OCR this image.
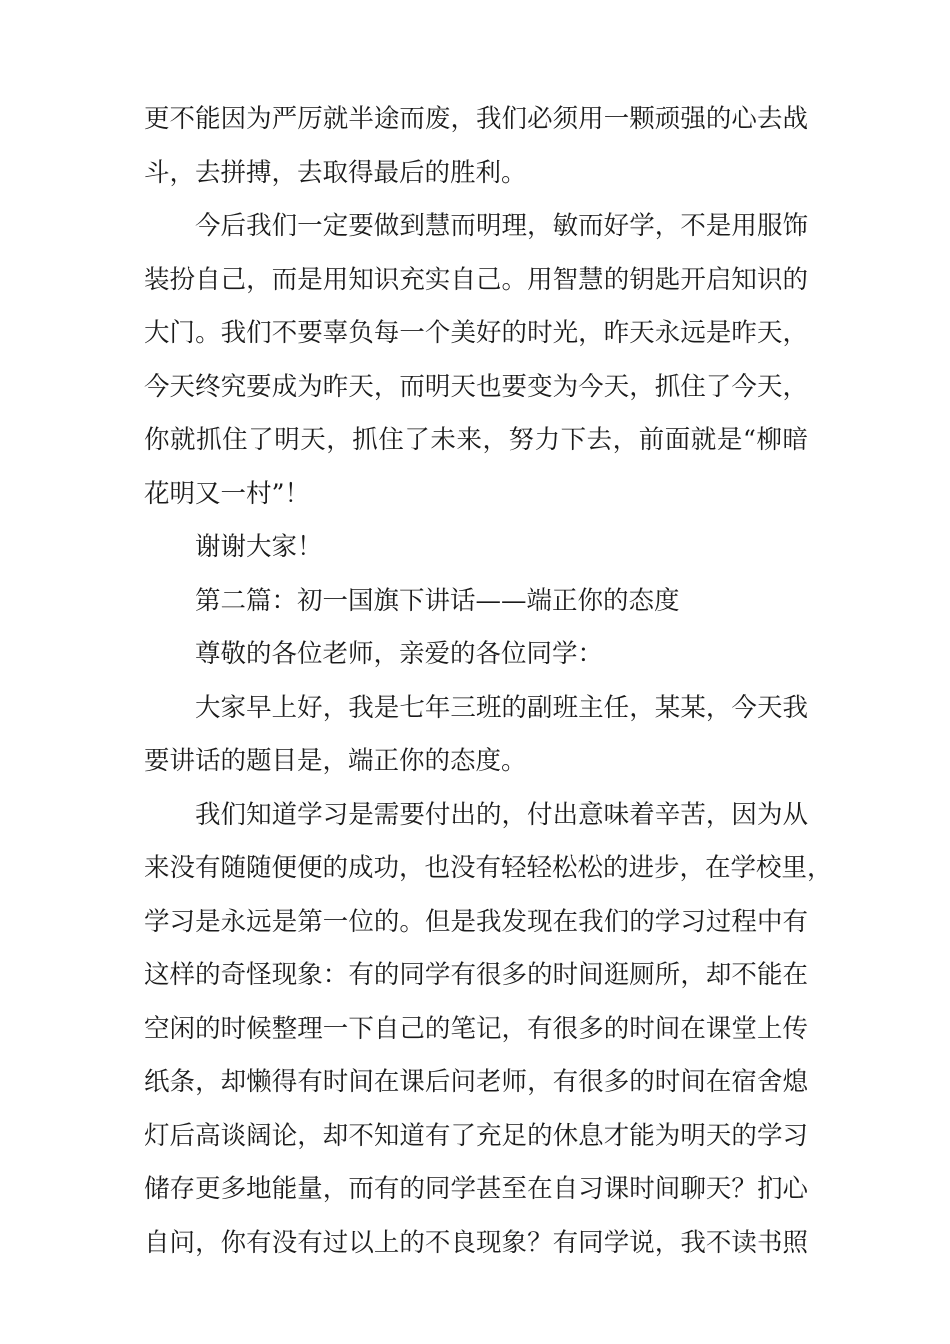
更不能因为严厉就半途而废，我们必须用一颗顽强的心去战
斗，去拼搏，去取得最后的胜利。

今后我们一定要做到慧而明理，敏而好学，不是用服饰
装扮自己，而是用知识充实自己。用智慧的钥匙开启知识的
大门。我们不要辜负每一个美好的时光，昨天永远是昨天，
今天终究要成为昨天，而明天也要变为今天，抓住了今天，
你就抓住了明天，抓住了未来，努力下去，前面就是“柳暗
花明又一村”！

谢谢大家！

第二篇：初一国旗下讲话——端正你的态度

尊敬的各位老师，亲爱的各位同学：

大家早上好，我是七年三班的副班主任，某某，今天我
要讲话的题目是，端正你的态度。

我们知道学习是需要付出的，付出意味着辛苦，因为从
来没有随随便便的成功，也没有轻轻松松的进步，在学校里，
学习是永远是第一位的。但是我发现在我们的学习过程中有
这样的奇怪现象：有的同学有很多的时间逛厕所，却不能在
空闲的时候整理一下自己的笔记，有很多的时间在课堂上传
纸条，却懒得有时间在课后问老师，有很多的时间在宿舍熄
灯后高谈阔论，却不知道有了充足的休息才能为明天的学习
储存更多地能量，而有的同学甚至在自习课时间聊天？扪心
自问，你有没有过以上的不良现象？有同学说，我不读书照
